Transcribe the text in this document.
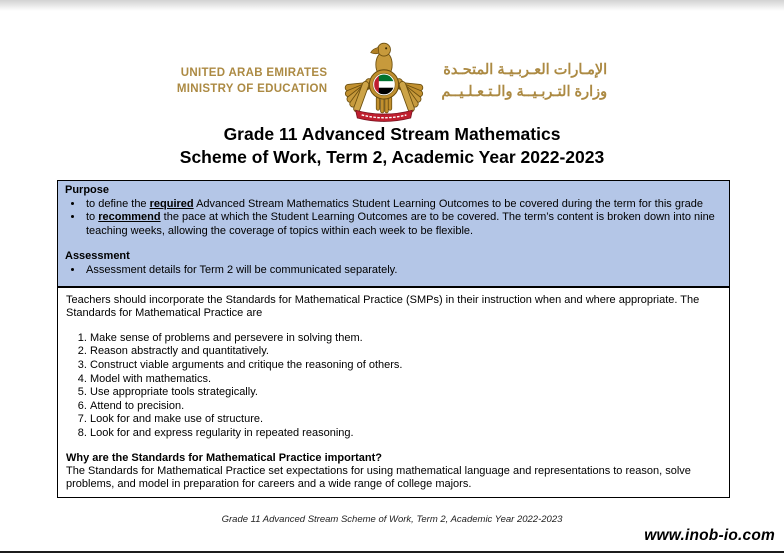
UNITED ARAB EMIRATES
MINISTRY OF EDUCATION
الإمـارات العـربـيـة المتحـدة
وزارة التـربـيــة والـتـعـلـيــم
Grade 11 Advanced Stream Mathematics
Scheme of Work, Term 2, Academic Year 2022-2023
Purpose
• to define the required Advanced Stream Mathematics Student Learning Outcomes to be covered during the term for this grade
• to recommend the pace at which the Student Learning Outcomes are to be covered. The term’s content is broken down into nine teaching weeks, allowing the coverage of topics within each week to be flexible.
Assessment
• Assessment details for Term 2 will be communicated separately.

Teachers should incorporate the Standards for Mathematical Practice (SMPs) in their instruction when and where appropriate. The Standards for Mathematical Practice are

1. Make sense of problems and persevere in solving them.
2. Reason abstractly and quantitatively.
3. Construct viable arguments and critique the reasoning of others.
4. Model with mathematics.
5. Use appropriate tools strategically.
6. Attend to precision.
7. Look for and make use of structure.
8. Look for and express regularity in repeated reasoning.
Why are the Standards for Mathematical Practice important?

The Standards for Mathematical Practice set expectations for using mathematical language and representations to reason, solve problems, and model in preparation for careers and a wide range of college majors.

Grade 11 Advanced Stream Scheme of Work, Term 2, Academic Year 2022-2023
www.inob-io.com
